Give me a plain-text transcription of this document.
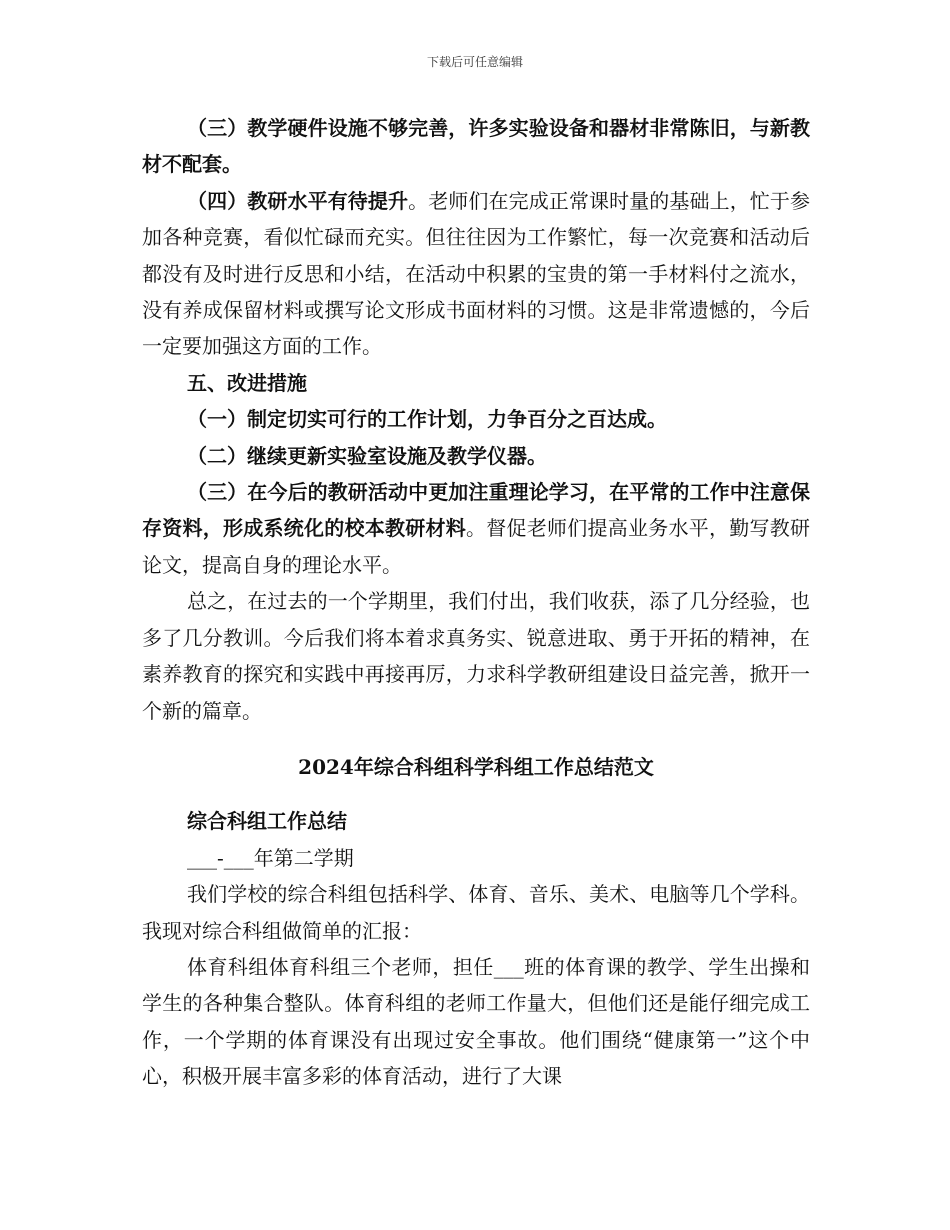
下载后可任意编辑

（三）教学硬件设施不够完善，许多实验设备和器材非常陈旧，与新教材不配套。

（四）教研水平有待提升。老师们在完成正常课时量的基础上，忙于参加各种竞赛，看似忙碌而充实。但往往因为工作繁忙，每一次竞赛和活动后都没有及时进行反思和小结，在活动中积累的宝贵的第一手材料付之流水，没有养成保留材料或撰写论文形成书面材料的习惯。这是非常遗憾的，今后一定要加强这方面的工作。

五、改进措施

（一）制定切实可行的工作计划，力争百分之百达成。

（二）继续更新实验室设施及教学仪器。

（三）在今后的教研活动中更加注重理论学习，在平常的工作中注意保存资料，形成系统化的校本教研材料。督促老师们提高业务水平，勤写教研论文，提高自身的理论水平。

总之，在过去的一个学期里，我们付出，我们收获，添了几分经验，也多了几分教训。今后我们将本着求真务实、锐意进取、勇于开拓的精神，在素养教育的探究和实践中再接再厉，力求科学教研组建设日益完善，掀开一个新的篇章。

2024年综合科组科学科组工作总结范文

综合科组工作总结

___-___年第二学期

我们学校的综合科组包括科学、体育、音乐、美术、电脑等几个学科。我现对综合科组做简单的汇报：

体育科组体育科组三个老师，担任___班的体育课的教学、学生出操和学生的各种集合整队。体育科组的老师工作量大，但他们还是能仔细完成工作，一个学期的体育课没有出现过安全事故。他们围绕“健康第一”这个中心，积极开展丰富多彩的体育活动，进行了大课
